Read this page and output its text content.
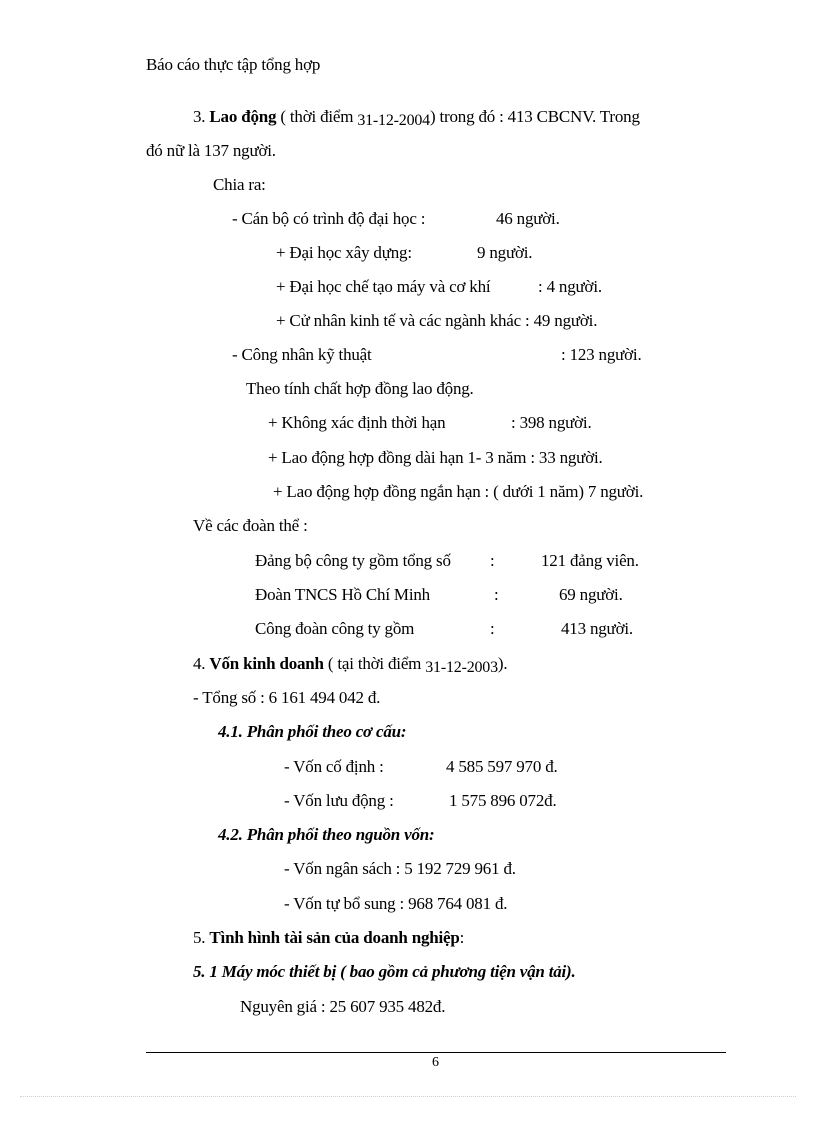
Báo cáo thực tập tổng hợp
3. Lao động ( thời điểm 31-12-2004) trong đó : 413 CBCNV. Trong
đó nữ là 137 người.
Chia ra:
- Cán bộ có trình độ đại học :	46 người.
+ Đại học xây dựng:	9 người.
+ Đại học chế tạo máy và cơ khí	: 4 người.
+ Cử nhân kinh tế và các ngành khác : 49 người.
- Công nhân kỹ thuật	: 123 người.
Theo tính chất hợp đồng lao động.
+ Không xác định thời hạn	: 398 người.
+ Lao động hợp đồng dài hạn 1- 3 năm : 33 người.
+ Lao động hợp đồng ngắn hạn : ( dưới 1 năm) 7 người.
Về các đoàn thể :
Đảng bộ công ty gồm tổng số :	121 đảng viên.
Đoàn TNCS Hồ Chí Minh	:	69 người.
Công đoàn công ty gồm	:	413 người.
4. Vốn kinh doanh ( tại thời điểm 31-12-2003).
- Tổng số : 6 161 494 042 đ.
4.1. Phân phối theo cơ cấu:
- Vốn cố định :	4 585 597 970 đ.
- Vốn lưu động :	1 575 896 072đ.
4.2. Phân phối theo nguồn vốn:
- Vốn ngân sách : 5 192 729 961 đ.
- Vốn tự bổ sung : 968 764 081 đ.
5. Tình hình tài sản của doanh nghiệp:
5. 1 Máy móc thiết bị ( bao gồm cả phương tiện vận tải).
Nguyên giá : 25 607 935 482đ.
6
